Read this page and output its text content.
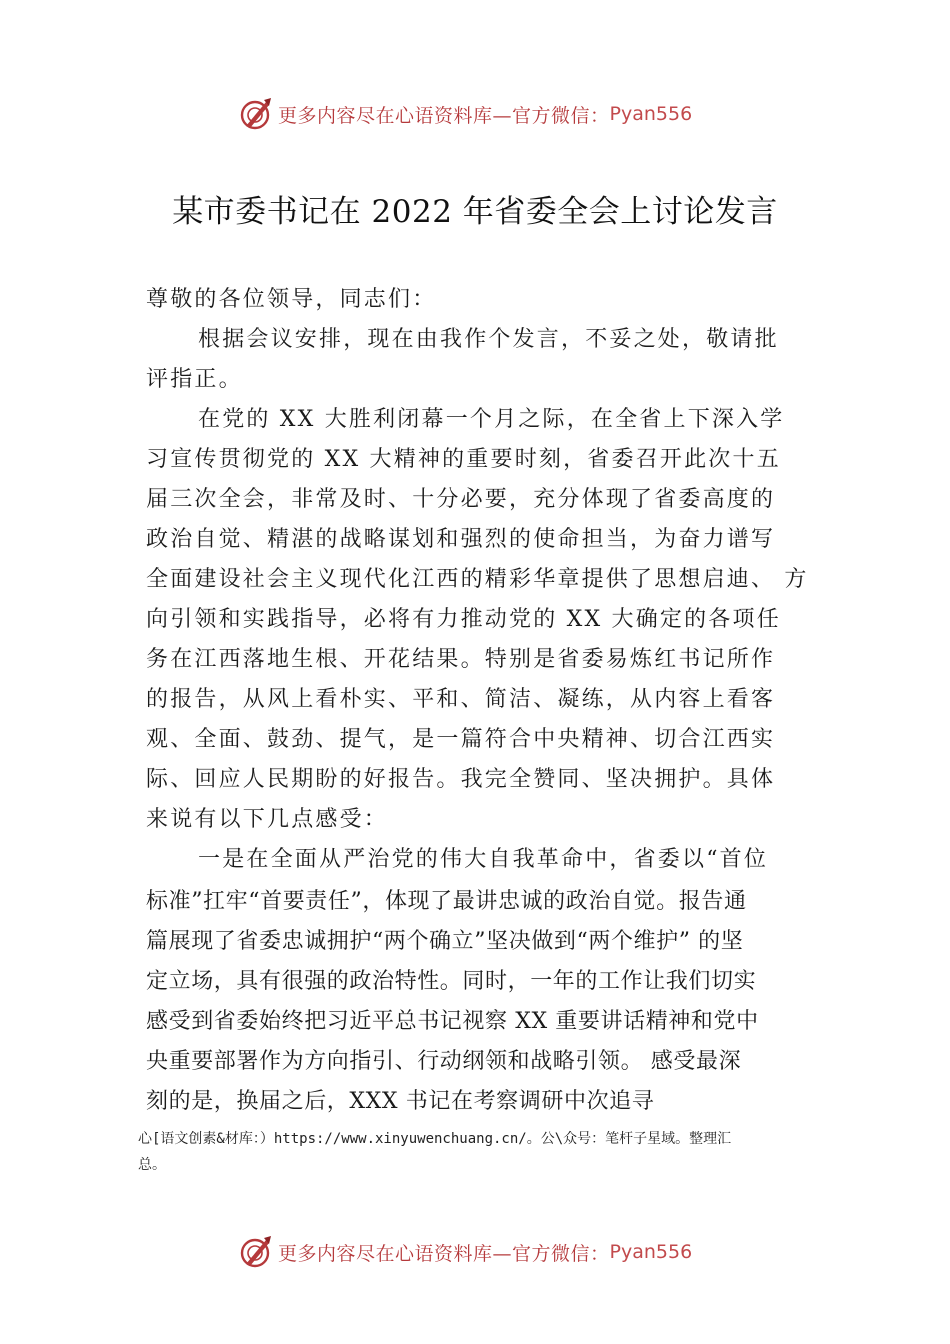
更多内容尽在心语资料库—官方微信： Pyan556
某市委书记在 2022 年省委全会上讨论发言
尊敬的各位领导，同志们：
根据会议安排，现在由我作个发言，不妥之处，敬请批
评指正。
在党的 XX 大胜利闭幕一个月之际，在全省上下深入学
习宣传贯彻党的 XX 大精神的重要时刻，省委召开此次十五
届三次全会，非常及时、十分必要，充分体现了省委高度的
政治自觉、精湛的战略谋划和强烈的使命担当，为奋力谱写
全面建设社会主义现代化江西的精彩华章提供了思想启迪、 方
向引领和实践指导，必将有力推动党的 XX 大确定的各项任
务在江西落地生根、开花结果。特别是省委易炼红书记所作
的报告，从风上看朴实、平和、简洁、凝练，从内容上看客
观、全面、鼓劲、提气，是一篇符合中央精神、切合江西实
际、回应人民期盼的好报告。我完全赞同、坚决拥护。具体
来说有以下几点感受：
一是在全面从严治党的伟大自我革命中，省委以“首位
标准”扛牢“首要责任”，体现了最讲忠诚的政治自觉。报告通
篇展现了省委忠诚拥护“两个确立”坚决做到“两个维护” 的坚
定立场，具有很强的政治特性。同时，一年的工作让我们切实
感受到省委始终把习近平总书记视察 XX 重要讲话精神和党中
央重要部署作为方向指引、行动纲领和战略引领。 感受最深
刻的是，换届之后，XXX 书记在考察调研中次追寻
心[语文创素&材库：）https://www.xinyuwenchuang.cn/。公\众号：笔杆子星域。整理汇
总。
更多内容尽在心语资料库—官方微信： Pyan556
